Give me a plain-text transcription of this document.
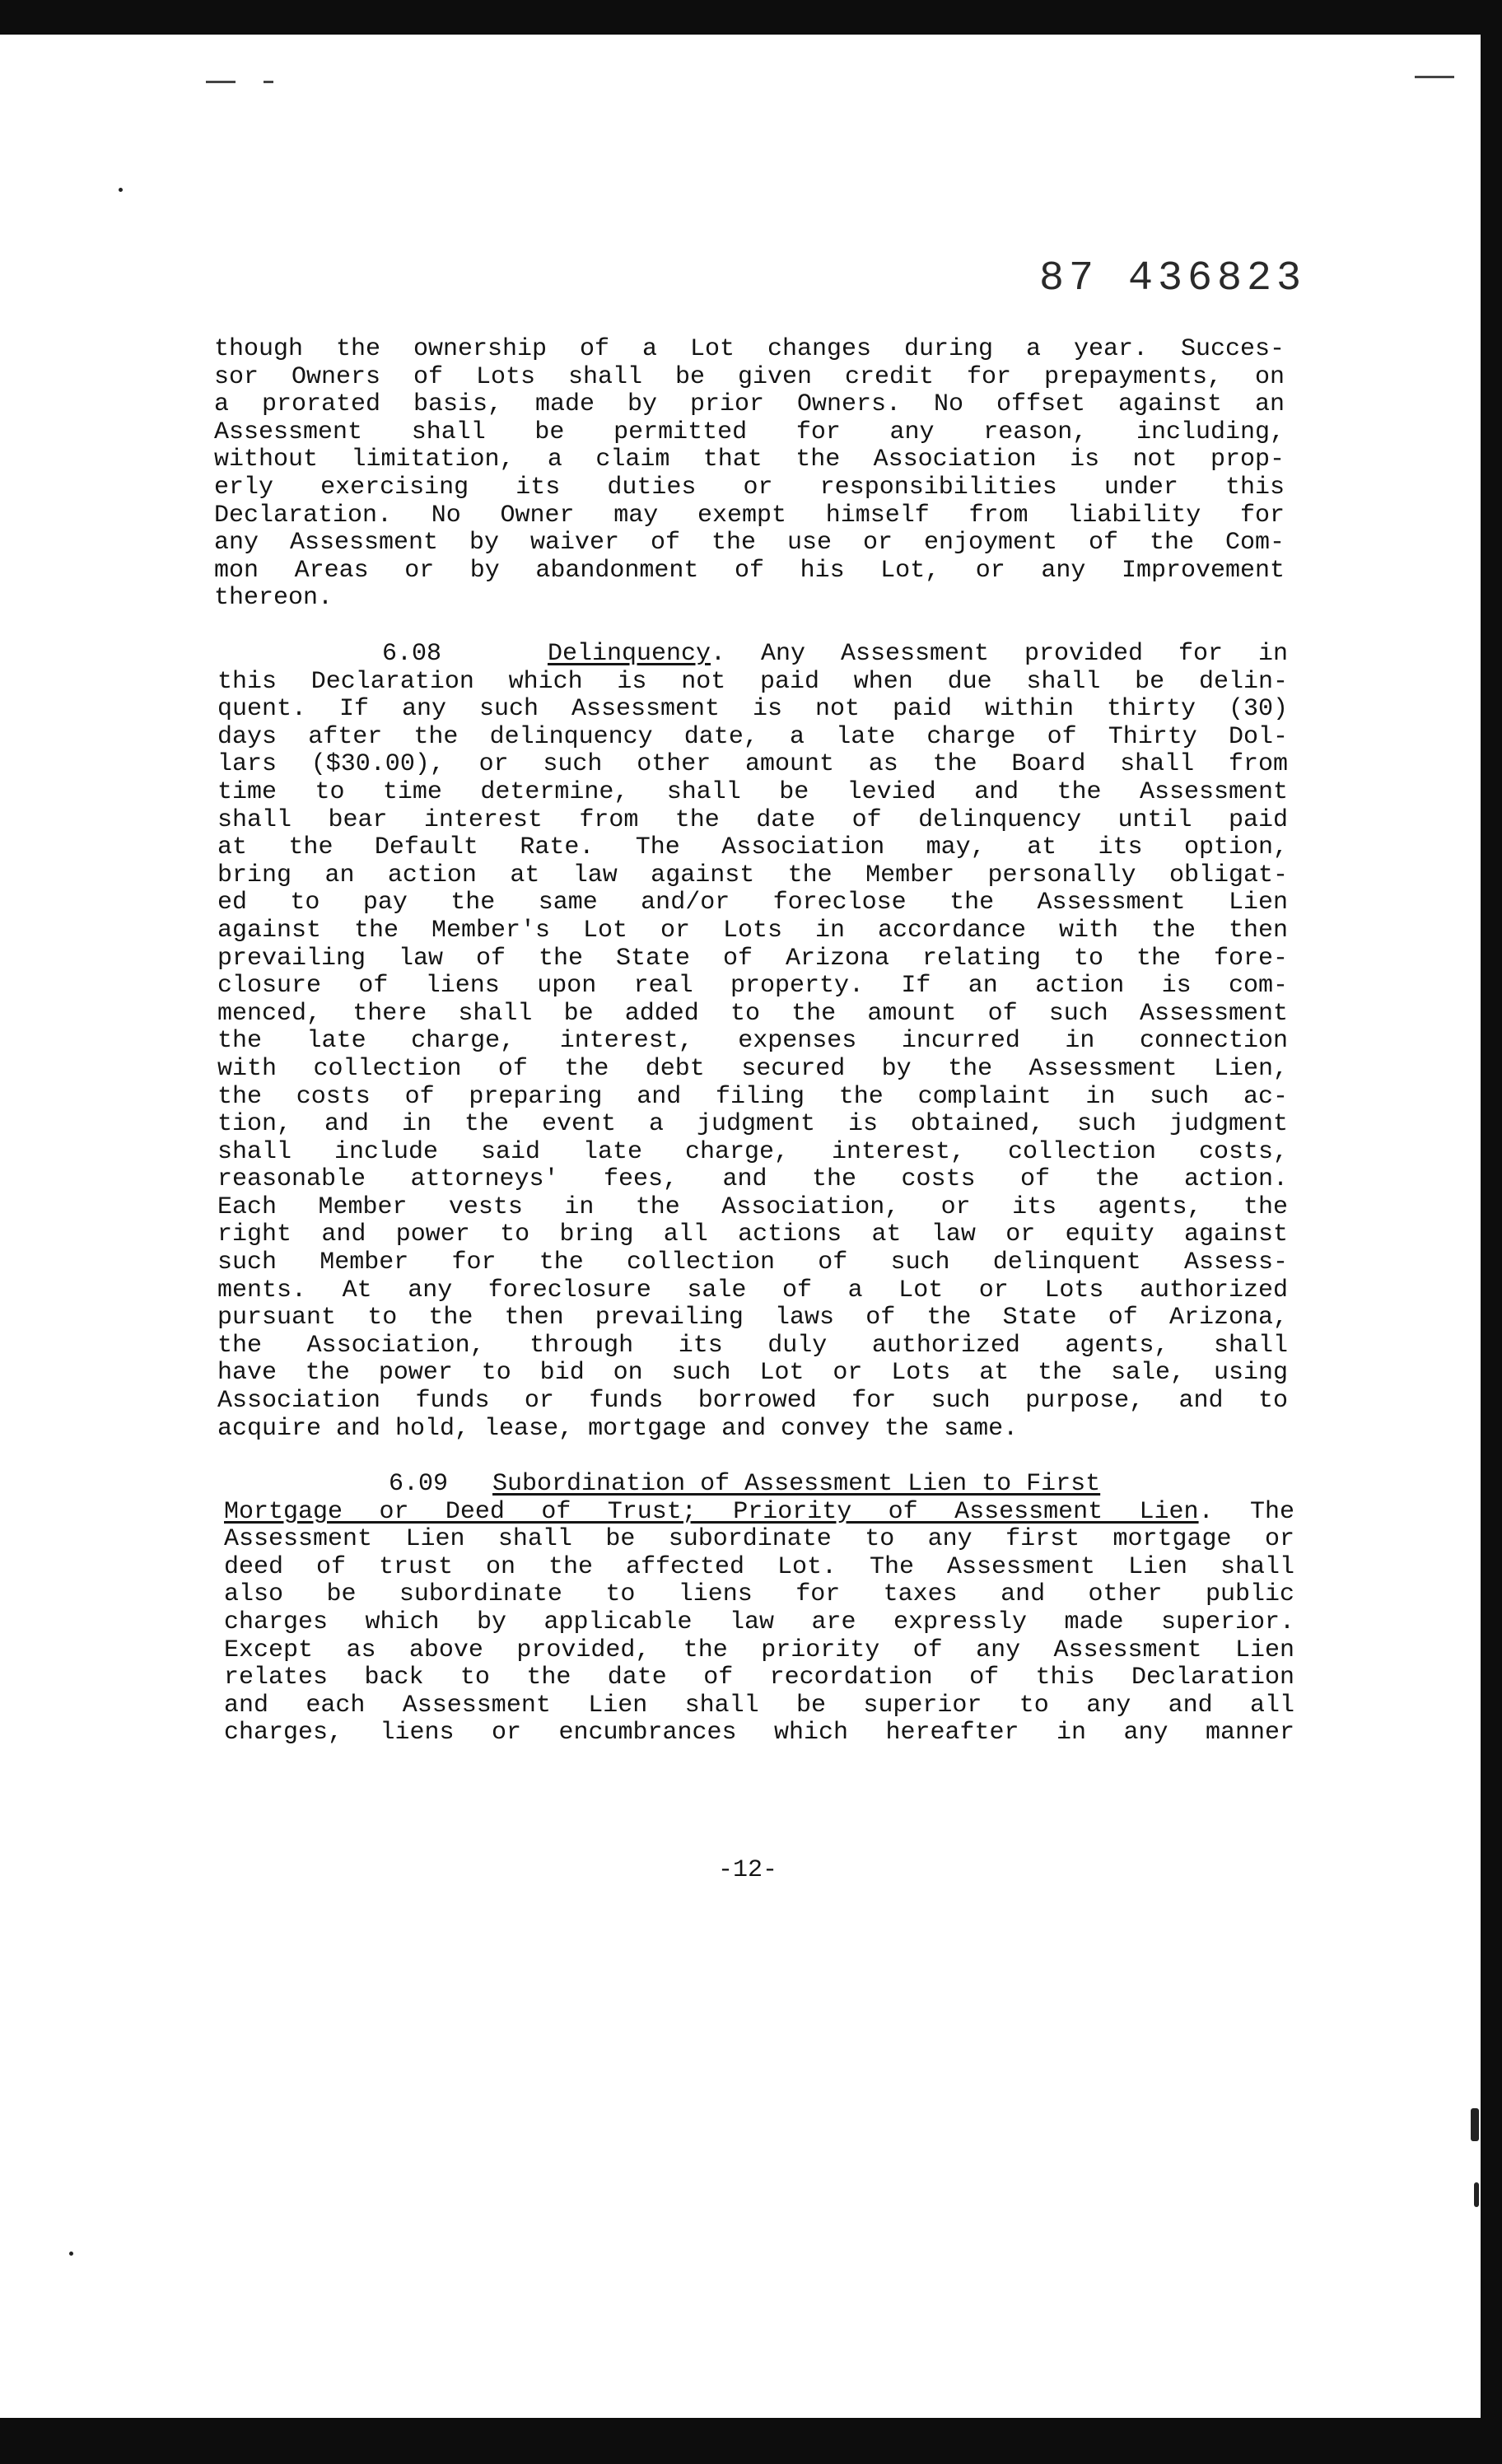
87 436823
though the ownership of a Lot changes during a year. Succes-
sor Owners of Lots shall be given credit for prepayments, on
a prorated basis, made by prior Owners. No offset against an
Assessment shall be permitted for any reason, including,
without limitation, a claim that the Association is not prop-
erly exercising its duties or responsibilities under this
Declaration. No Owner may exempt himself from liability for
any Assessment by waiver of the use or enjoyment of the Com-
mon Areas or by abandonment of his Lot, or any Improvement
thereon.
6.08	Delinquency. Any Assessment provided for in
this Declaration which is not paid when due shall be delin-
quent. If any such Assessment is not paid within thirty (30)
days after the delinquency date, a late charge of Thirty Dol-
lars ($30.00), or such other amount as the Board shall from
time to time determine, shall be levied and the Assessment
shall bear interest from the date of delinquency until paid
at the Default Rate. The Association may, at its option,
bring an action at law against the Member personally obligat-
ed to pay the same and/or foreclose the Assessment Lien
against the Member's Lot or Lots in accordance with the then
prevailing law of the State of Arizona relating to the fore-
closure of liens upon real property. If an action is com-
menced, there shall be added to the amount of such Assessment
the late charge, interest, expenses incurred in connection
with collection of the debt secured by the Assessment Lien,
the costs of preparing and filing the complaint in such ac-
tion, and in the event a judgment is obtained, such judgment
shall include said late charge, interest, collection costs,
reasonable attorneys' fees, and the costs of the action.
Each Member vests in the Association, or its agents, the
right and power to bring all actions at law or equity against
such Member for the collection of such delinquent Assess-
ments. At any foreclosure sale of a Lot or Lots authorized
pursuant to the then prevailing laws of the State of Arizona,
the Association, through its duly authorized agents, shall
have the power to bid on such Lot or Lots at the sale, using
Association funds or funds borrowed for such purpose, and to
acquire and hold, lease, mortgage and convey the same.
6.09 Subordination of Assessment Lien to First
Mortgage or Deed of Trust; Priority of Assessment Lien. The
Assessment Lien shall be subordinate to any first mortgage or
deed of trust on the affected Lot. The Assessment Lien shall
also be subordinate to liens for taxes and other public
charges which by applicable law are expressly made superior.
Except as above provided, the priority of any Assessment Lien
relates back to the date of recordation of this Declaration
and each Assessment Lien shall be superior to any and all
charges, liens or encumbrances which hereafter in any manner
-12-
